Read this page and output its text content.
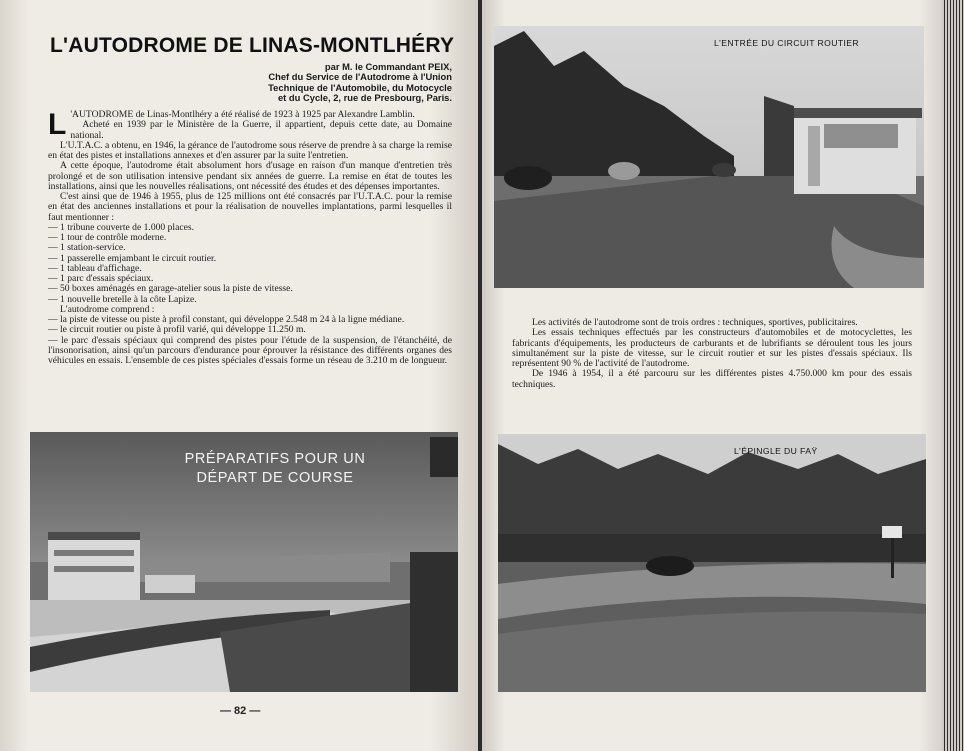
L'AUTODROME DE LINAS-MONTLHÉRY
par M. le Commandant PEIX,
Chef du Service de l'Autodrome à l'Union
Technique de l'Automobile, du Motocycle
et du Cycle, 2, rue de Presbourg, Paris.

L 'AUTODROME de Linas-Montlhéry a été réalisé de 1923 à 1925 par Alexandre Lamblin.

Acheté en 1939 par le Ministère de la Guerre, il appartient, depuis cette date, au Domaine national.

L'U.T.A.C. a obtenu, en 1946, la gérance de l'autodrome sous réserve de prendre à sa charge la remise en état des pistes et installations annexes et d'en assurer par la suite l'entretien.

A cette époque, l'autodrome était absolument hors d'usage en raison d'un manque d'entretien très prolongé et de son utilisation intensive pendant six années de guerre. La remise en état de toutes les installations, ainsi que les nouvelles réalisations, ont nécessité des études et des dépenses importantes.

C'est ainsi que de 1946 à 1955, plus de 125 millions ont été consacrés par l'U.T.A.C. pour la remise en état des anciennes installations et pour la réalisation de nouvelles implantations, parmi lesquelles il faut mentionner :

— 1 tribune couverte de 1.000 places.

— 1 tour de contrôle moderne.

— 1 station-service.

— 1 passerelle emjambant le circuit routier.

— 1 tableau d'affichage.

— 1 parc d'essais spéciaux.

— 50 boxes aménagés en garage-atelier sous la piste de vitesse.

— 1 nouvelle bretelle à la côte Lapize.

L'autodrome comprend :

— la piste de vitesse ou piste à profil constant, qui développe 2.548 m 24 à la ligne médiane.

— le circuit routier ou piste à profil varié, qui développe 11.250 m.

— le parc d'essais spéciaux qui comprend des pistes pour l'étude de la suspension, de l'étanchéité, de l'insonorisation, ainsi qu'un parcours d'endurance pour éprouver la résistance des différents organes des véhicules en essais. L'ensemble de ces pistes spéciales d'essais forme un réseau de 3.210 m de longueur.

PRÉPARATIFS POUR UN
DÉPART DE COURSE
— 82 —
L'ENTRÉE DU CIRCUIT ROUTIER

Les activités de l'autodrome sont de trois ordres : techniques, sportives, publicitaires.

Les essais techniques effectués par les constructeurs d'automobiles et de motocyclettes, les fabricants d'équipements, les producteurs de carburants et de lubrifiants se déroulent tous les jours simultanément sur la piste de vitesse, sur le circuit routier et sur les pistes d'essais spéciaux. Ils représentent 90 % de l'activité de l'autodrome.

De 1946 à 1954, il a été parcouru sur les différentes pistes 4.750.000 km pour des essais techniques.

L'ÉPINGLE DU FAŸ
